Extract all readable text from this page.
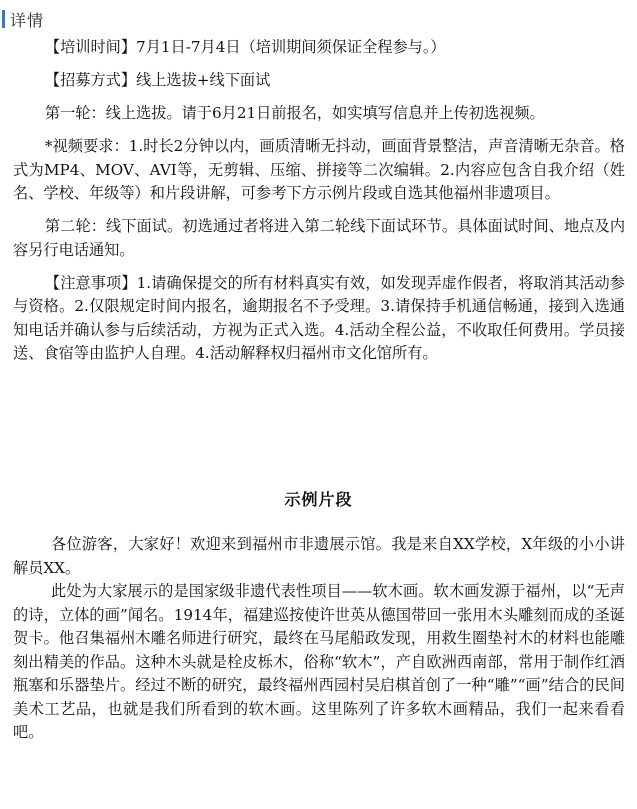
详情

【培训时间】7月1日-7月4日（培训期间须保证全程参与。）

【招募方式】线上选拔+线下面试

第一轮：线上选拔。请于6月21日前报名，如实填写信息并上传初选视频。

*视频要求：1.时长2分钟以内，画质清晰无抖动，画面背景整洁，声音清晰无杂音。格式为MP4、MOV、AVI等，无剪辑、压缩、拼接等二次编辑。2.内容应包含自我介绍（姓名、学校、年级等）和片段讲解，可参考下方示例片段或自选其他福州非遗项目。

第二轮：线下面试。初选通过者将进入第二轮线下面试环节。具体面试时间、地点及内容另行电话通知。

【注意事项】1.请确保提交的所有材料真实有效，如发现弄虚作假者，将取消其活动参与资格。2.仅限规定时间内报名，逾期报名不予受理。3.请保持手机通信畅通，接到入选通知电话并确认参与后续活动，方视为正式入选。4.活动全程公益，不收取任何费用。学员接送、食宿等由监护人自理。4.活动解释权归福州市文化馆所有。

示例片段

各位游客，大家好！欢迎来到福州市非遗展示馆。我是来自XX学校，X年级的小小讲解员XX。

此处为大家展示的是国家级非遗代表性项目——软木画。软木画发源于福州，以“无声的诗，立体的画”闻名。1914年，福建巡按使许世英从德国带回一张用木头雕刻而成的圣诞贺卡。他召集福州木雕名师进行研究，最终在马尾船政发现，用救生圈垫衬木的材料也能雕刻出精美的作品。这种木头就是栓皮栎木，俗称“软木”，产自欧洲西南部，常用于制作红酒瓶塞和乐器垫片。经过不断的研究，最终福州西园村吴启棋首创了一种“雕”“画”结合的民间美术工艺品，也就是我们所看到的软木画。这里陈列了许多软木画精品，我们一起来看看吧。
